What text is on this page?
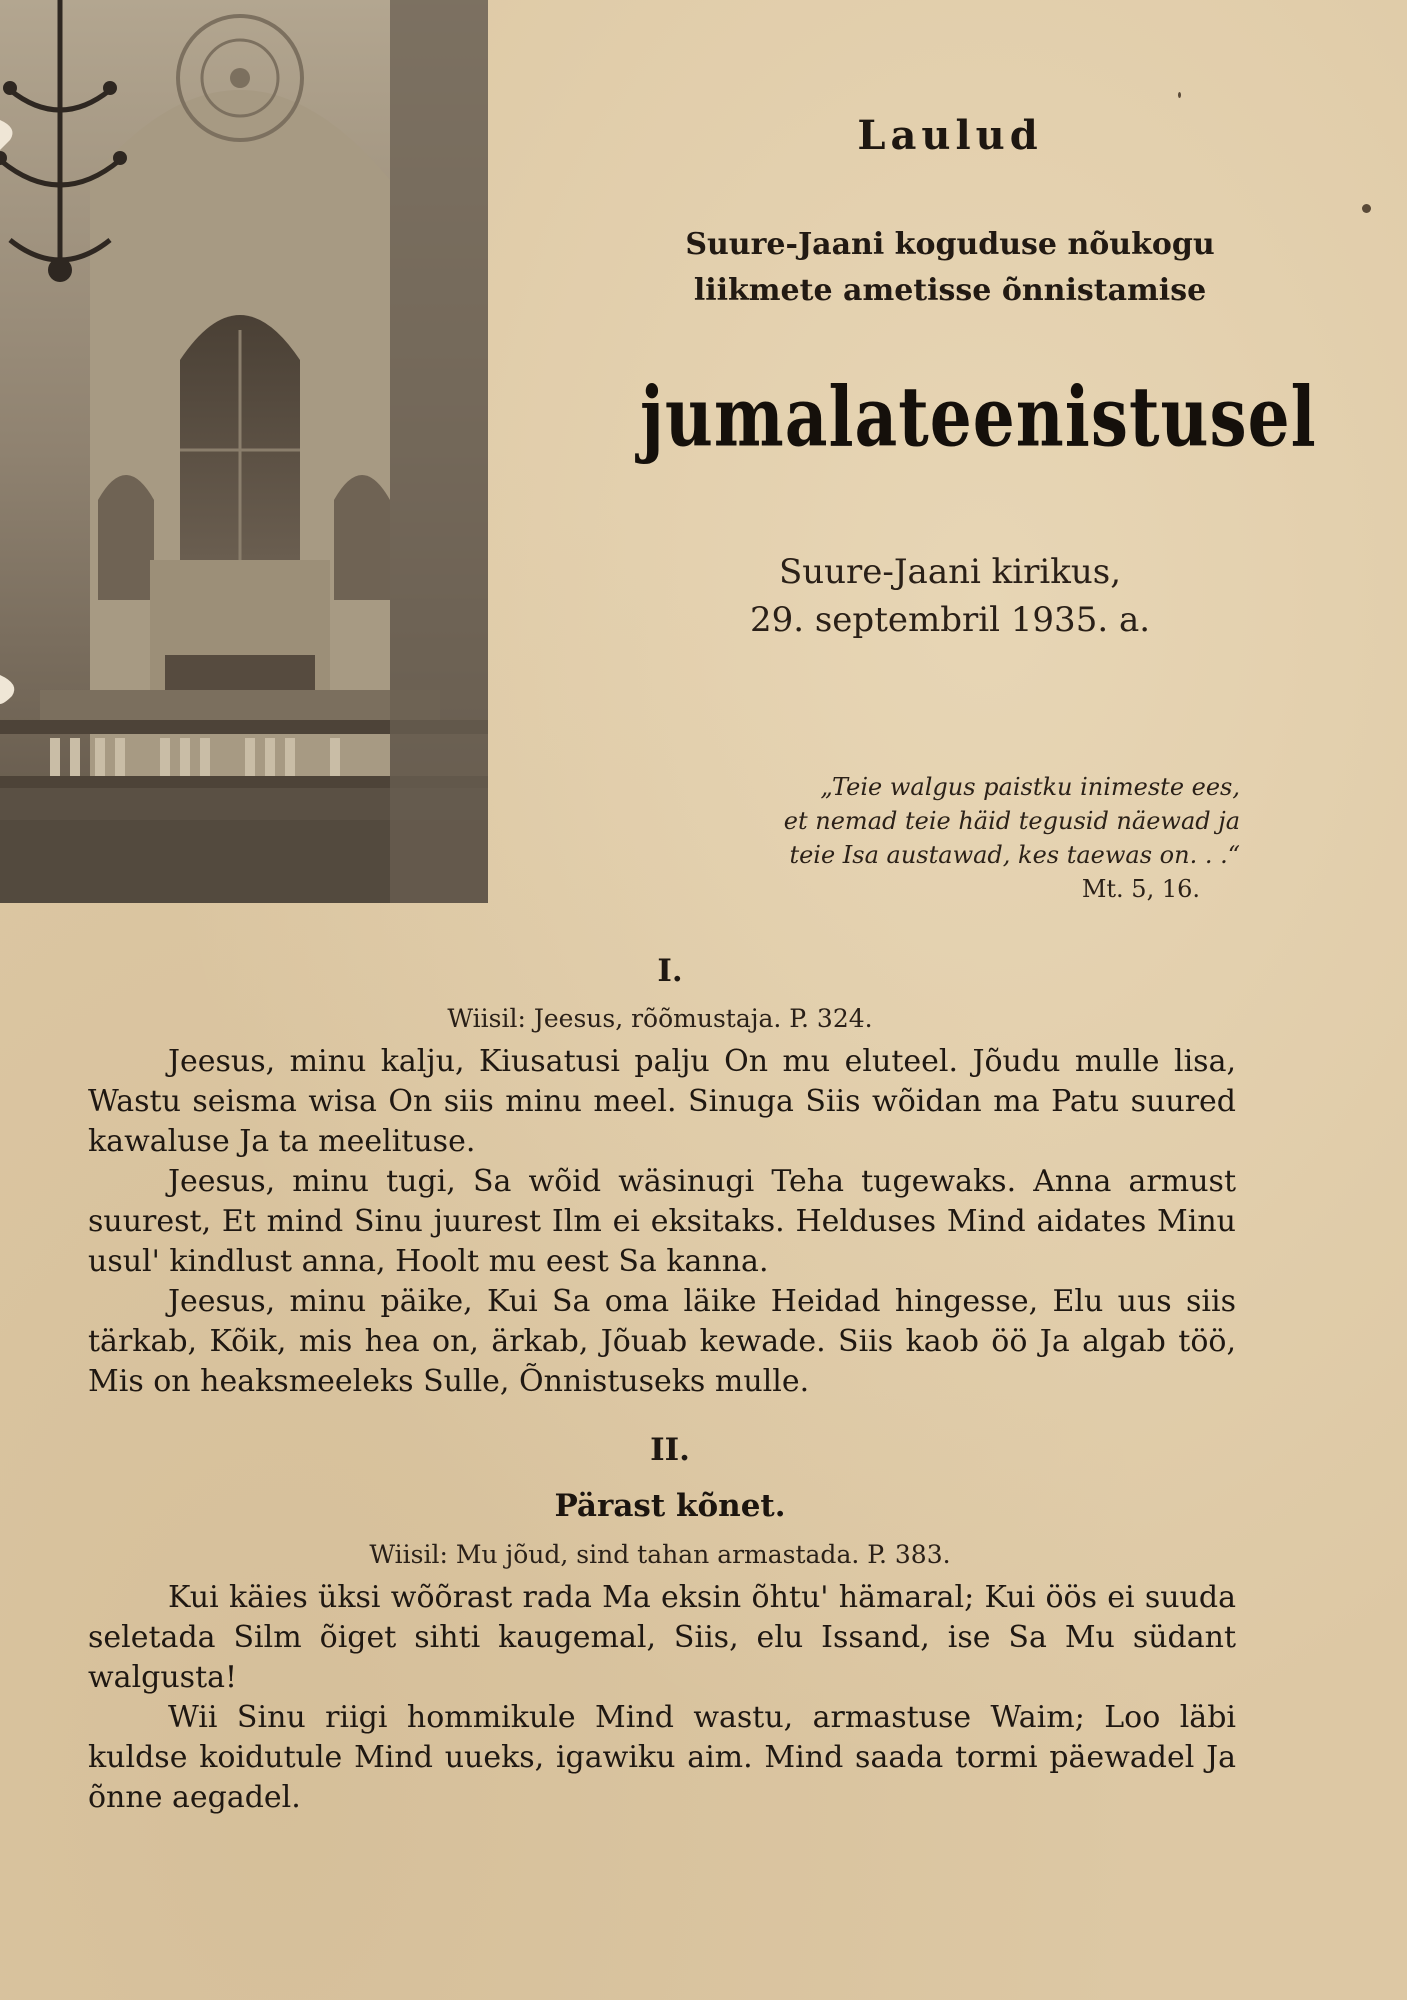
Laulud
Suure-Jaani koguduse nõukogu
liikmete ametisse õnnistamise
jumalateenistusel
Suure-Jaani kirikus,
29. septembril 1935. a.
„Teie walgus paistku inimeste ees,
et nemad teie häid tegusid näewad ja
teie Isa austawad, kes taewas on. . .“
Mt. 5, 16.
I.
Wiisil: Jeesus, rõõmustaja. P. 324.

Jeesus, minu kalju, Kiusatusi palju On mu eluteel. Jõudu mulle lisa, Wastu seisma wisa On siis minu meel. Sinuga Siis wõidan ma Patu suured kawaluse Ja ta meelituse.

Jeesus, minu tugi, Sa wõid wäsinugi Teha tugewaks. Anna armust suurest, Et mind Sinu juurest Ilm ei eksitaks. Helduses Mind aidates Minu usul' kindlust anna, Hoolt mu eest Sa kanna.

Jeesus, minu päike, Kui Sa oma läike Heidad hingesse, Elu uus siis tärkab, Kõik, mis hea on, ärkab, Jõuab kewade. Siis kaob öö Ja algab töö, Mis on heaksmeeleks Sulle, Õnnistuseks mulle.

II.
Pärast kõnet.
Wiisil: Mu jõud, sind tahan armastada. P. 383.

Kui käies üksi wõõrast rada Ma eksin õhtu' hämaral; Kui öös ei suuda seletada Silm õiget sihti kaugemal, Siis, elu Issand, ise Sa Mu südant walgusta!

Wii Sinu riigi hommikule Mind wastu, armastuse Waim; Loo läbi kuldse koidutule Mind uueks, igawiku aim. Mind saada tormi päewadel Ja õnne aegadel.
